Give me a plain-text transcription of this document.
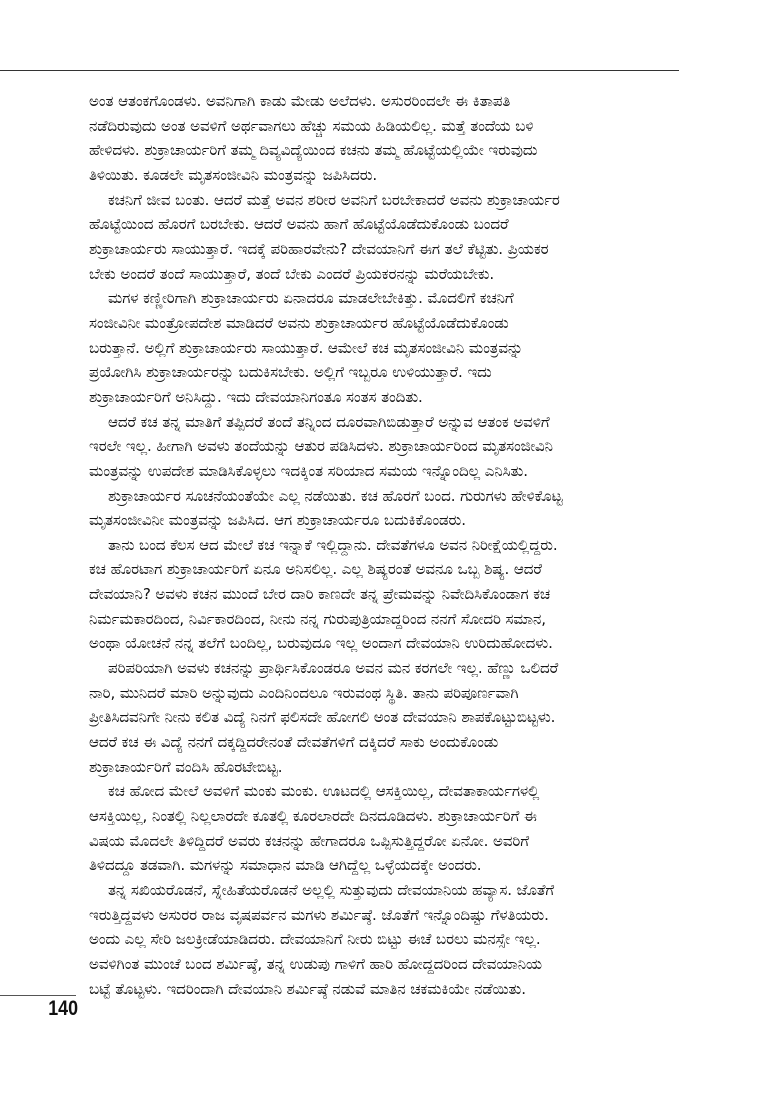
ಅಂತ ಆತಂಕಗೊಂಡಳು. ಅವನಿಗಾಗಿ ಕಾಡು ಮೇಡು ಅಲೆದಳು. ಅಸುರರಿಂದಲೇ ಈ ಕಿತಾಪತಿ
ನಡೆದಿರುವುದು ಅಂತ ಅವಳಿಗೆ ಅರ್ಥವಾಗಲು ಹೆಚ್ಚು ಸಮಯ ಹಿಡಿಯಲಿಲ್ಲ. ಮತ್ತೆ ತಂದೆಯ ಬಳಿ
ಹೇಳಿದಳು. ಶುಕ್ರಾಚಾರ್ಯರಿಗೆ ತಮ್ಮ ದಿವ್ಯವಿದ್ಯೆಯಿಂದ ಕಚನು ತಮ್ಮ ಹೊಟ್ಟೆಯಲ್ಲಿಯೇ ಇರುವುದು
ತಿಳಿಯಿತು. ಕೂಡಲೇ ಮೃತಸಂಜೀವಿನಿ ಮಂತ್ರವನ್ನು ಜಪಿಸಿದರು.
ಕಚನಿಗೆ ಜೀವ ಬಂತು. ಆದರೆ ಮತ್ತೆ ಅವನ ಶರೀರ ಅವನಿಗೆ ಬರಬೇಕಾದರೆ ಅವನು ಶುಕ್ರಾಚಾರ್ಯರ
ಹೊಟ್ಟೆಯಿಂದ ಹೊರಗೆ ಬರಬೇಕು. ಆದರೆ ಅವನು ಹಾಗೆ ಹೊಟ್ಟೆಯೊಡೆದುಕೊಂಡು ಬಂದರೆ
ಶುಕ್ರಾಚಾರ್ಯರು ಸಾಯುತ್ತಾರೆ. ಇದಕ್ಕೆ ಪರಿಹಾರವೇನು? ದೇವಯಾನಿಗೆ ಈಗ ತಲೆ ಕೆಟ್ಟಿತು. ಪ್ರಿಯಕರ
ಬೇಕು ಅಂದರೆ ತಂದೆ ಸಾಯುತ್ತಾರೆ, ತಂದೆ ಬೇಕು ಎಂದರೆ ಪ್ರಿಯಕರನನ್ನು ಮರೆಯಬೇಕು.
ಮಗಳ ಕಣ್ಣೀರಿಗಾಗಿ ಶುಕ್ರಾಚಾರ್ಯರು ಏನಾದರೂ ಮಾಡಲೇಬೇಕಿತ್ತು. ಮೊದಲಿಗೆ ಕಚನಿಗೆ
ಸಂಜೀವಿನೀ ಮಂತ್ರೋಪದೇಶ ಮಾಡಿದರೆ ಅವನು ಶುಕ್ರಾಚಾರ್ಯರ ಹೊಟ್ಟೆಯೊಡೆದುಕೊಂಡು
ಬರುತ್ತಾನೆ. ಅಲ್ಲಿಗೆ ಶುಕ್ರಾಚಾರ್ಯರು ಸಾಯುತ್ತಾರೆ. ಆಮೇಲೆ ಕಚ ಮೃತಸಂಜೀವಿನಿ ಮಂತ್ರವನ್ನು
ಪ್ರಯೋಗಿಸಿ ಶುಕ್ರಾಚಾರ್ಯರನ್ನು ಬದುಕಿಸಬೇಕು. ಅಲ್ಲಿಗೆ ಇಬ್ಬರೂ ಉಳಿಯುತ್ತಾರೆ. ಇದು
ಶುಕ್ರಾಚಾರ್ಯರಿಗೆ ಅನಿಸಿದ್ದು. ಇದು ದೇವಯಾನಿಗಂತೂ ಸಂತಸ ತಂದಿತು.
ಆದರೆ ಕಚ ತನ್ನ ಮಾತಿಗೆ ತಪ್ಪಿದರೆ ತಂದೆ ತನ್ನಿಂದ ದೂರವಾಗಿಬಿಡುತ್ತಾರೆ ಅನ್ನುವ ಆತಂಕ ಅವಳಿಗೆ
ಇರಲೇ ಇಲ್ಲ. ಹೀಗಾಗಿ ಅವಳು ತಂದೆಯನ್ನು ಆತುರ ಪಡಿಸಿದಳು. ಶುಕ್ರಾಚಾರ್ಯರಿಂದ ಮೃತಸಂಜೀವಿನಿ
ಮಂತ್ರವನ್ನು ಉಪದೇಶ ಮಾಡಿಸಿಕೊಳ್ಳಲು ಇದಕ್ಕಿಂತ ಸರಿಯಾದ ಸಮಯ ಇನ್ನೊಂದಿಲ್ಲ ಎನಿಸಿತು.
ಶುಕ್ರಾಚಾರ್ಯರ ಸೂಚನೆಯಂತೆಯೇ ಎಲ್ಲ ನಡೆಯಿತು. ಕಚ ಹೊರಗೆ ಬಂದ. ಗುರುಗಳು ಹೇಳಿಕೊಟ್ಟ
ಮೃತಸಂಜೀವಿನೀ ಮಂತ್ರವನ್ನು ಜಪಿಸಿದ. ಆಗ ಶುಕ್ರಾಚಾರ್ಯರೂ ಬದುಕಿಕೊಂಡರು.
ತಾನು ಬಂದ ಕೆಲಸ ಆದ ಮೇಲೆ ಕಚ ಇನ್ನಾಕೆ ಇಲ್ಲಿದ್ದಾನು. ದೇವತೆಗಳೂ ಅವನ ನಿರೀಕ್ಷೆಯಲ್ಲಿದ್ದರು.
ಕಚ ಹೊರಟಾಗ ಶುಕ್ರಾಚಾರ್ಯರಿಗೆ ಏನೂ ಅನಿಸಲಿಲ್ಲ. ಎಲ್ಲ ಶಿಷ್ಯರಂತೆ ಅವನೂ ಒಬ್ಬ ಶಿಷ್ಯ. ಆದರೆ
ದೇವಯಾನಿ? ಅವಳು ಕಚನ ಮುಂದೆ ಬೇರ ದಾರಿ ಕಾಣದೇ ತನ್ನ ಪ್ರೇಮವನ್ನು ನಿವೇದಿಸಿಕೊಂಡಾಗ ಕಚ
ನಿರ್ಮಮಕಾರದಿಂದ, ನಿರ್ವಿಕಾರದಿಂದ, ನೀನು ನನ್ನ ಗುರುಪುತ್ರಿಯಾದ್ದರಿಂದ ನನಗೆ ಸೋದರಿ ಸಮಾನ,
ಅಂಥಾ ಯೋಚನೆ ನನ್ನ ತಲೆಗೆ ಬಂದಿಲ್ಲ, ಬರುವುದೂ ಇಲ್ಲ ಅಂದಾಗ ದೇವಯಾನಿ ಉರಿದುಹೋದಳು.
ಪರಿಪರಿಯಾಗಿ ಅವಳು ಕಚನನ್ನು ಪ್ರಾರ್ಥಿಸಿಕೊಂಡರೂ ಅವನ ಮನ ಕರಗಲೇ ಇಲ್ಲ. ಹೆಣ್ಣು ಒಲಿದರೆ
ನಾರಿ, ಮುನಿದರೆ ಮಾರಿ ಅನ್ನುವುದು ಎಂದಿನಿಂದಲೂ ಇರುವಂಥ ಸ್ಥಿತಿ. ತಾನು ಪರಿಪೂರ್ಣವಾಗಿ
ಪ್ರೀತಿಸಿದವನಿಗೇ ನೀನು ಕಲಿತ ವಿದ್ಯೆ ನಿನಗೆ ಫಲಿಸದೇ ಹೋಗಲಿ ಅಂತ ದೇವಯಾನಿ ಶಾಪಕೊಟ್ಟುಬಿಟ್ಟಳು.
ಆದರೆ ಕಚ ಈ ವಿದ್ಯೆ ನನಗೆ ದಕ್ಕದ್ದಿದರೇನಂತೆ ದೇವತೆಗಳಿಗೆ ದಕ್ಕಿದರೆ ಸಾಕು ಅಂದುಕೊಂಡು
ಶುಕ್ರಾಚಾರ್ಯರಿಗೆ ವಂದಿಸಿ ಹೊರಟೇಬಿಟ್ಟ.
ಕಚ ಹೋದ ಮೇಲೆ ಅವಳಿಗೆ ಮಂಕು ಮಂಕು. ಊಟದಲ್ಲಿ ಆಸಕ್ತಿಯಿಲ್ಲ, ದೇವತಾಕಾರ್ಯಗಳಲ್ಲಿ
ಆಸಕ್ತಿಯಿಲ್ಲ, ನಿಂತಲ್ಲಿ ನಿಲ್ಲಲಾರದೇ ಕೂತಲ್ಲಿ ಕೂರಲಾರದೇ ದಿನದೂಡಿದಳು. ಶುಕ್ರಾಚಾರ್ಯರಿಗೆ ಈ
ವಿಷಯ ಮೊದಲೇ ತಿಳಿದ್ದಿದರೆ ಅವರು ಕಚನನ್ನು ಹೇಗಾದರೂ ಒಪ್ಪಿಸುತ್ತಿದ್ದರೋ ಏನೋ. ಅವರಿಗೆ
ತಿಳಿದದ್ದೂ ತಡವಾಗಿ. ಮಗಳನ್ನು ಸಮಾಧಾನ ಮಾಡಿ ಆಗಿದ್ದೆಲ್ಲ ಒಳ್ಳೆಯದಕ್ಕೇ ಅಂದರು.
ತನ್ನ ಸಖಿಯರೊಡನೆ, ಸ್ನೇಹಿತೆಯರೊಡನೆ ಅಲ್ಲಲ್ಲಿ ಸುತ್ತುವುದು ದೇವಯಾನಿಯ ಹವ್ಯಾಸ. ಜೊತೆಗೆ
ಇರುತ್ತಿದ್ದವಳು ಅಸುರರ ರಾಜ ವೃಷಪರ್ವನ ಮಗಳು ಶರ್ಮಿಷ್ಠೆ. ಜೊತೆಗೆ ಇನ್ನೊಂದಿಷ್ಟು ಗೆಳತಿಯರು.
ಅಂದು ಎಲ್ಲ ಸೇರಿ ಜಲಕ್ರೀಡೆಯಾಡಿದರು. ದೇವಯಾನಿಗೆ ನೀರು ಬಿಟ್ಟು ಈಚೆ ಬರಲು ಮನಸ್ಸೇ ಇಲ್ಲ.
ಅವಳಿಗಿಂತ ಮುಂಚೆ ಬಂದ ಶರ್ಮಿಷ್ಠೆ, ತನ್ನ ಉಡುಪು ಗಾಳಿಗೆ ಹಾರಿ ಹೋದ್ದದರಿಂದ ದೇವಯಾನಿಯ
ಬಟ್ಟೆ ತೊಟ್ಟಳು. ಇದರಿಂದಾಗಿ ದೇವಯಾನಿ ಶರ್ಮಿಷ್ಠೆ ನಡುವೆ ಮಾತಿನ ಚಕಮಕಿಯೇ ನಡೆಯಿತು.
140
